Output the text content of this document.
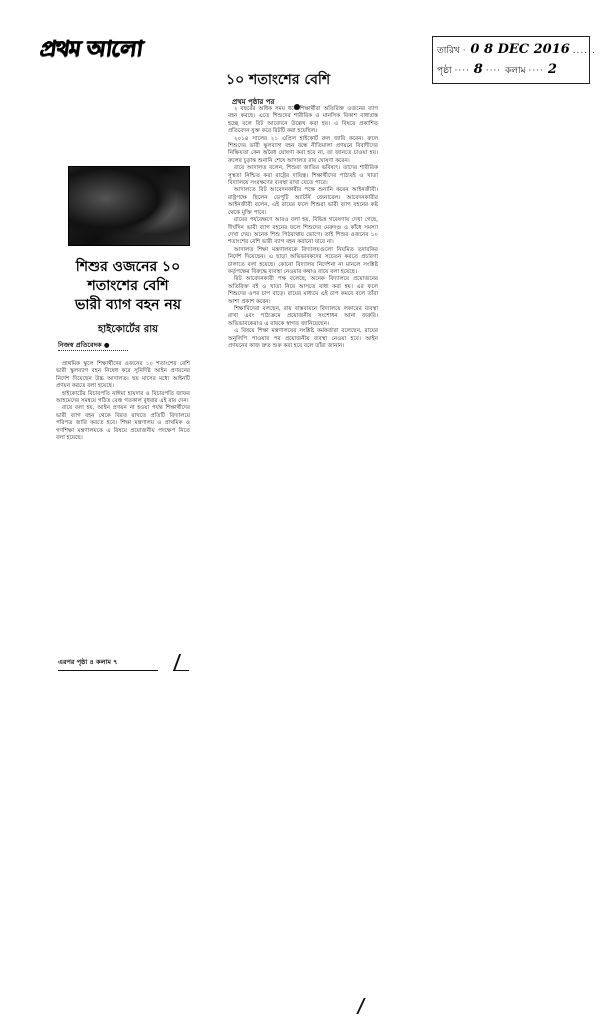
প্রথম আলো	তারিখ · 0 8 DEC 2016 ......
পৃষ্ঠা ···· 8 ···· কলাম ···· 2
১০ শতাংশের বেশি
প্রথম পৃষ্ঠার পর
শিশুর ওজনের ১০
শতাংশের বেশি
ভারী ব্যাগ বহন নয়
হাইকোর্টের রায়
নিজস্ব প্রতিবেদক ●

প্রাথমিক স্কুলে শিক্ষার্থীদের ওজনের ১০ শতাংশের বেশি ভারী স্কুলব্যাগ বহন নিষেধ করে সুনির্দিষ্ট আইন প্রণয়নের নির্দেশ দিয়েছেন উচ্চ আদালত। ছয় মাসের মধ্যে আইনটি প্রণয়ন করতে বলা হয়েছে।

হাইকোর্টের বিচারপতি নাঈমা হায়দার ও বিচারপতি জাফর আহমেদের সমন্বয়ে গঠিত বেঞ্চ গতকাল বুধবার এই রায় দেন।

রায়ে বলা হয়, আইন প্রণয়ন না হওয়া পর্যন্ত শিক্ষার্থীদের ভারী ব্যাগ বহন থেকে বিরত রাখতে প্রতিটি বিদ্যালয়ে পরিপত্র জারি করতে হবে। শিক্ষা মন্ত্রণালয় ও প্রাথমিক ও গণশিক্ষা মন্ত্রণালয়কে এ বিষয়ে প্রয়োজনীয় পদক্ষেপ নিতে বলা হয়েছে।

এরপর পৃষ্ঠা ৪ কলাম ৭

২ বছরের অধিক সময় ধরে শিক্ষার্থীরা অতিরিক্ত ওজনের ব্যাগ বহন করছে। এতে শিশুদের শারীরিক ও মানসিক বিকাশ বাধাগ্রস্ত হচ্ছে বলে রিট আবেদনে উল্লেখ করা হয়। এ বিষয়ে প্রকাশিত প্রতিবেদন যুক্ত করে রিটটি করা হয়েছিল।

২০১৪ সালের ২১ এপ্রিল হাইকোর্ট রুল জারি করেন। রুলে শিশুদের ভারী স্কুলব্যাগ বহন বন্ধে নীতিমালা প্রণয়নে বিবাদীদের নিষ্ক্রিয়তা কেন অবৈধ ঘোষণা করা হবে না, তা জানতে চাওয়া হয়। রুলের চূড়ান্ত শুনানি শেষে আদালত রায় ঘোষণা করেন।

রায়ে আদালত বলেন, শিশুরা জাতির ভবিষ্যৎ। তাদের শারীরিক সুস্থতা নিশ্চিত করা রাষ্ট্রের দায়িত্ব। শিক্ষার্থীদের পাঠ্যবই ও খাতা বিদ্যালয়ে সংরক্ষণের ব্যবস্থা রাখা যেতে পারে।

আদালতে রিট আবেদনকারীর পক্ষে শুনানি করেন আইনজীবী। রাষ্ট্রপক্ষে ছিলেন ডেপুটি অ্যাটর্নি জেনারেল। আবেদনকারীর আইনজীবী বলেন, এই রায়ের ফলে শিশুরা ভারী ব্যাগ বহনের কষ্ট থেকে মুক্তি পাবে।

রায়ের পর্যবেক্ষণে আরও বলা হয়, বিভিন্ন গবেষণায় দেখা গেছে, দীর্ঘদিন ভারী ব্যাগ বহনের ফলে শিশুদের মেরুদণ্ড ও কাঁধে সমস্যা দেখা দেয়। অনেক শিশু পিঠব্যথায় ভোগে। তাই শিশুর ওজনের ১০ শতাংশের বেশি ভারী ব্যাগ বহন করানো যাবে না।

আদালত শিক্ষা মন্ত্রণালয়কে বিদ্যালয়গুলো নিয়মিত তদারকির নির্দেশ দিয়েছেন। এ ছাড়া অভিভাবকদের সচেতন করতে প্রচারণা চালাতে বলা হয়েছে। কোনো বিদ্যালয় নির্দেশনা না মানলে সংশ্লিষ্ট কর্তৃপক্ষের বিরুদ্ধে ব্যবস্থা নেওয়ার কথাও রায়ে বলা হয়েছে।

রিট আবেদনকারী পক্ষ বলেছে, অনেক বিদ্যালয়ে প্রয়োজনের অতিরিক্ত বই ও খাতা নিয়ে আসতে বাধ্য করা হয়। এর ফলে শিশুদের ওপর চাপ বাড়ে। রায়ের মাধ্যমে এই চাপ কমবে বলে তাঁরা আশা প্রকাশ করেন।

শিক্ষাবিদেরা বলছেন, রায় বাস্তবায়নে বিদ্যালয়ে লকারের ব্যবস্থা রাখা এবং পাঠ্যক্রমে প্রয়োজনীয় সংশোধন আনা জরুরি। অভিভাবকেরাও এ রায়কে স্বাগত জানিয়েছেন।

এ বিষয়ে শিক্ষা মন্ত্রণালয়ের সংশ্লিষ্ট কর্মকর্তারা বলেছেন, রায়ের অনুলিপি পাওয়ার পর প্রয়োজনীয় ব্যবস্থা নেওয়া হবে। আইন প্রণয়নের কাজ দ্রুত শুরু করা হবে বলে তাঁরা জানান।
